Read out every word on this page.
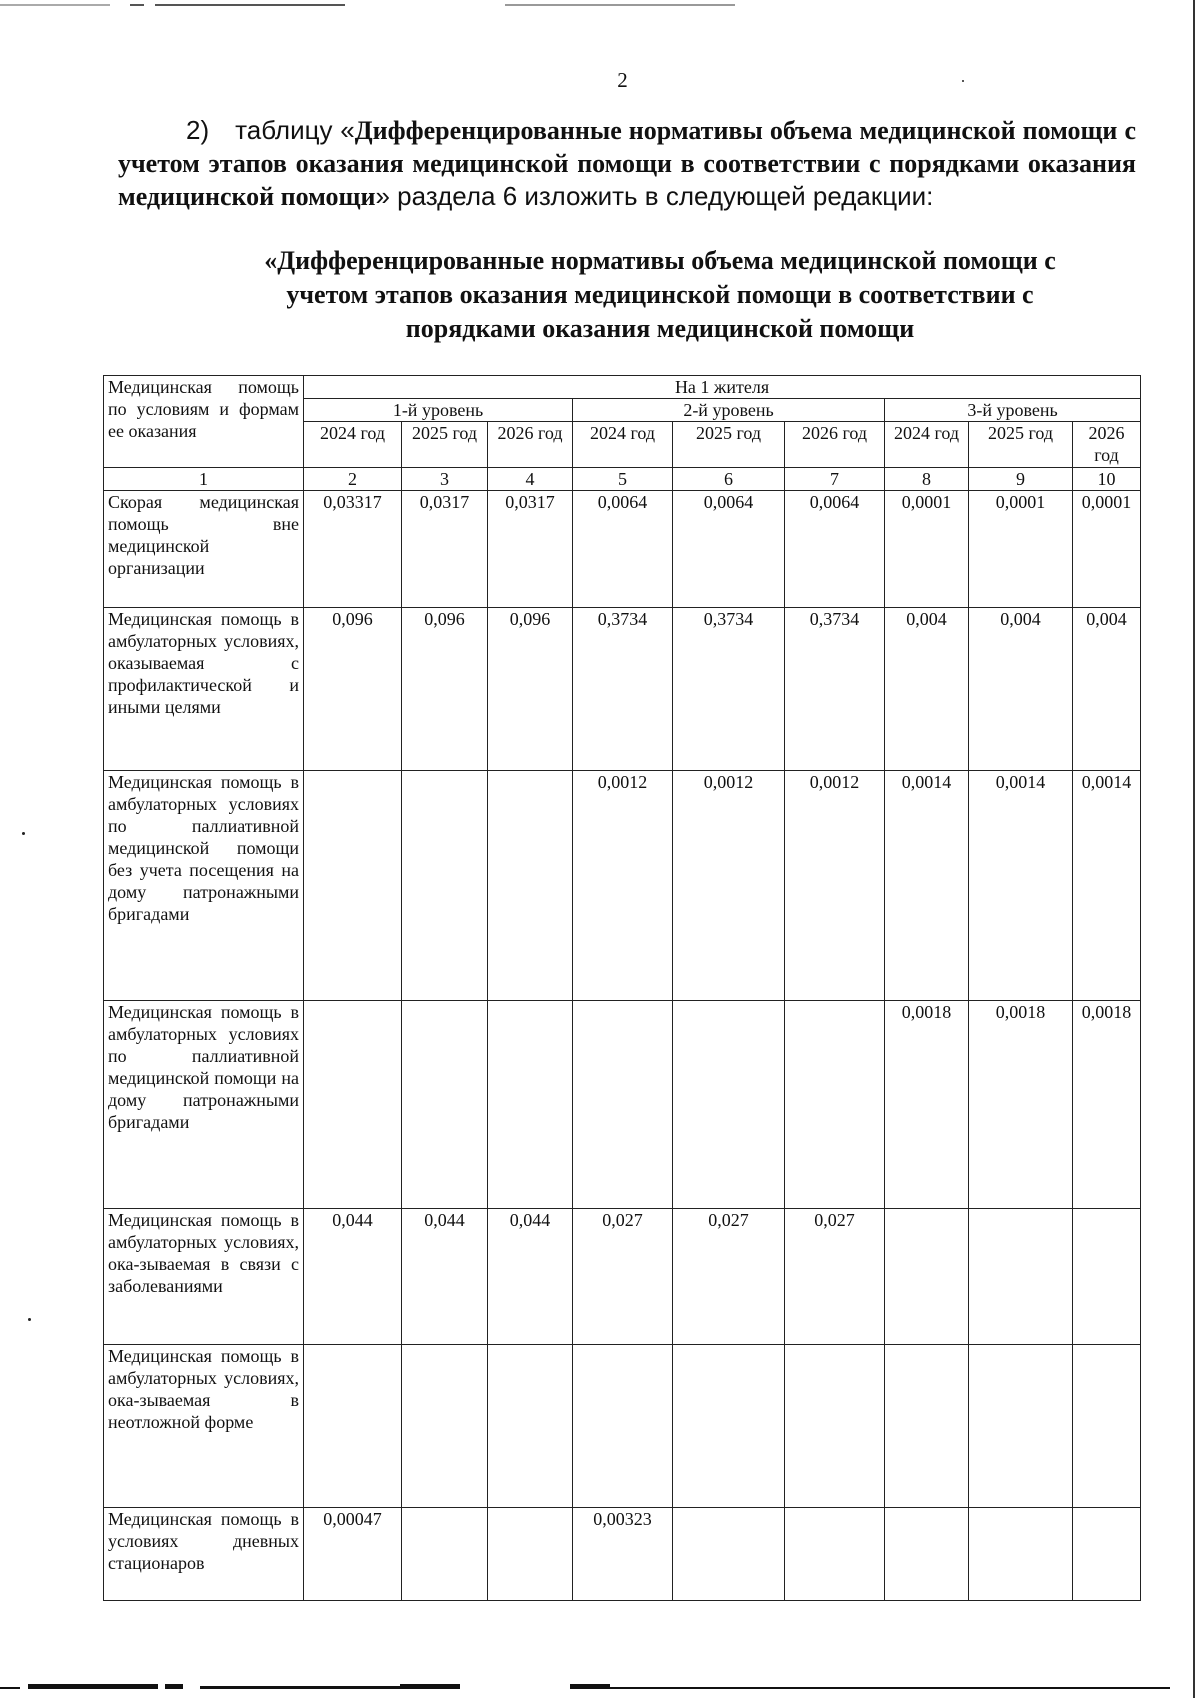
2

2) таблицу «Дифференцированные нормативы объема медицинской помощи с учетом этапов оказания медицинской помощи в соответствии с порядками оказания медицинской помощи» раздела 6 изложить в следующей редакции:

«Дифференцированные нормативы объема медицинской помощи с
учетом этапов оказания медицинской помощи в соответствии с
порядками оказания медицинской помощи
Медицинская помощь по условиям и формам ее оказания	На 1 жителя								
	1-й уровень			2-й уровень			3-й уровень		
	2024 год	2025 год	2026 год	2024 год	2025 год	2026 год	2024 год	2025 год	2026 год
1	2	3	4	5	6	7	8	9	10
Скорая медицинская помощь вне медицинской организации	0,03317	0,0317	0,0317	0,0064	0,0064	0,0064	0,0001	0,0001	0,0001
Медицинская помощь в амбулаторных условиях, оказываемая с профилактической и иными целями	0,096	0,096	0,096	0,3734	0,3734	0,3734	0,004	0,004	0,004
Медицинская помощь в амбулаторных условиях по паллиативной медицинской помощи без учета посещения на дому патронажными бригадами				0,0012	0,0012	0,0012	0,0014	0,0014	0,0014
Медицинская помощь в амбулаторных условиях по паллиативной медицинской помощи на дому патронажными бригадами							0,0018	0,0018	0,0018
Медицинская помощь в амбулаторных условиях, ока-зываемая в связи с заболеваниями	0,044	0,044	0,044	0,027	0,027	0,027			
Медицинская помощь в амбулаторных условиях, ока-зываемая в неотложной форме									
Медицинская помощь в условиях дневных стационаров	0,00047			0,00323					
